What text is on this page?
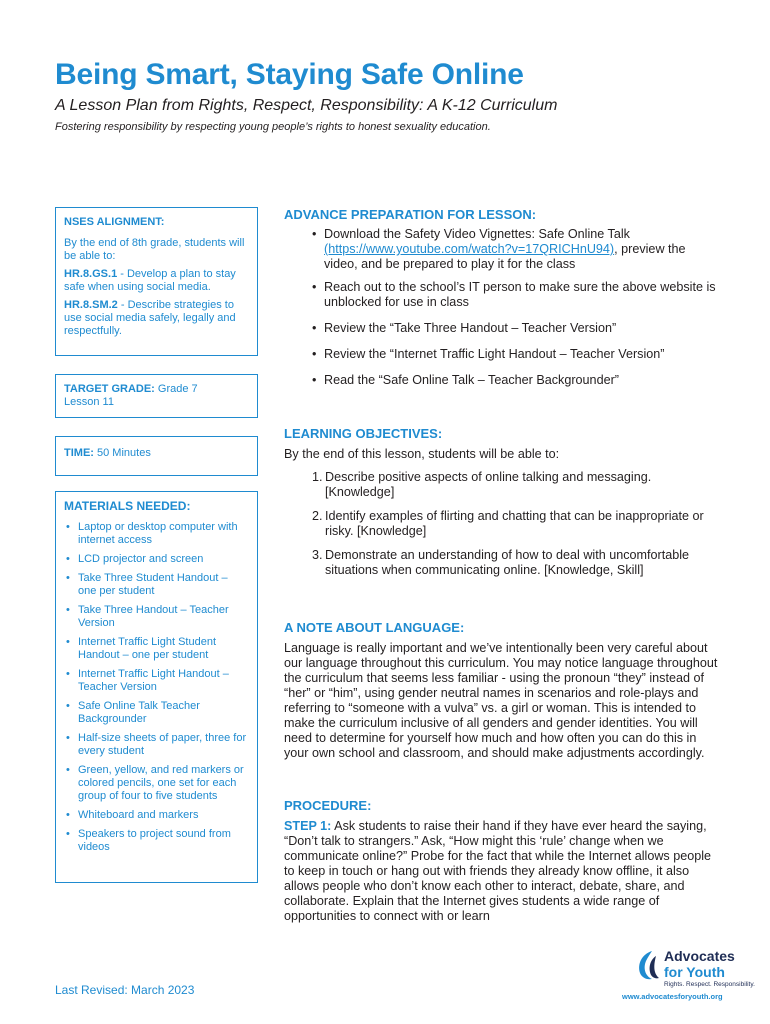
Being Smart, Staying Safe Online
A Lesson Plan from Rights, Respect, Responsibility: A K-12 Curriculum
Fostering responsibility by respecting young people’s rights to honest sexuality education.

NSES ALIGNMENT:

By the end of 8th grade, students will be able to:

HR.8.GS.1 - Develop a plan to stay safe when using social media.

HR.8.SM.2 - Describe strategies to use social media safely, legally and respectfully.

TARGET GRADE: Grade 7
Lesson 11
TIME: 50 Minutes

MATERIALS NEEDED:

• Laptop or desktop computer with internet access
• LCD projector and screen
• Take Three Student Handout – one per student
• Take Three Handout – Teacher Version
• Internet Traffic Light Student Handout – one per student
• Internet Traffic Light Handout – Teacher Version
• Safe Online Talk Teacher Backgrounder
• Half-size sheets of paper, three for every student
• Green, yellow, and red markers or colored pencils, one set for each group of four to five students
• Whiteboard and markers
• Speakers to project sound from videos
ADVANCE PREPARATION FOR LESSON:
• Download the Safety Video Vignettes: Safe Online Talk (https://www.youtube.com/watch?v=17QRICHnU94), preview the video, and be prepared to play it for the class
• Reach out to the school’s IT person to make sure the above website is unblocked for use in class
• Review the “Take Three Handout – Teacher Version”
• Review the “Internet Traffic Light Handout – Teacher Version”
• Read the “Safe Online Talk – Teacher Backgrounder”
LEARNING OBJECTIVES:
By the end of this lesson, students will be able to:
1. Describe positive aspects of online talking and messaging. [Knowledge]
2. Identify examples of flirting and chatting that can be inappropriate or risky. [Knowledge]
3. Demonstrate an understanding of how to deal with uncomfortable situations when communicating online. [Knowledge, Skill]
A NOTE ABOUT LANGUAGE:
Language is really important and we’ve intentionally been very careful about our language throughout this curriculum. You may notice language throughout the curriculum that seems less familiar - using the pronoun “they” instead of “her” or “him”, using gender neutral names in scenarios and role-plays and referring to “someone with a vulva” vs. a girl or woman. This is intended to make the curriculum inclusive of all genders and gender identities. You will need to determine for yourself how much and how often you can do this in your own school and classroom, and should make adjustments accordingly.
PROCEDURE:
STEP 1: Ask students to raise their hand if they have ever heard the saying, “Don’t talk to strangers.” Ask, “How might this ‘rule’ change when we communicate online?” Probe for the fact that while the Internet allows people to keep in touch or hang out with friends they already know offline, it also allows people who don’t know each other to interact, debate, share, and collaborate. Explain that the Internet gives students a wide range of opportunities to connect with or learn
Last Revised: March 2023
Advocates
for Youth
Rights. Respect. Responsibility.
www.advocatesforyouth.org
